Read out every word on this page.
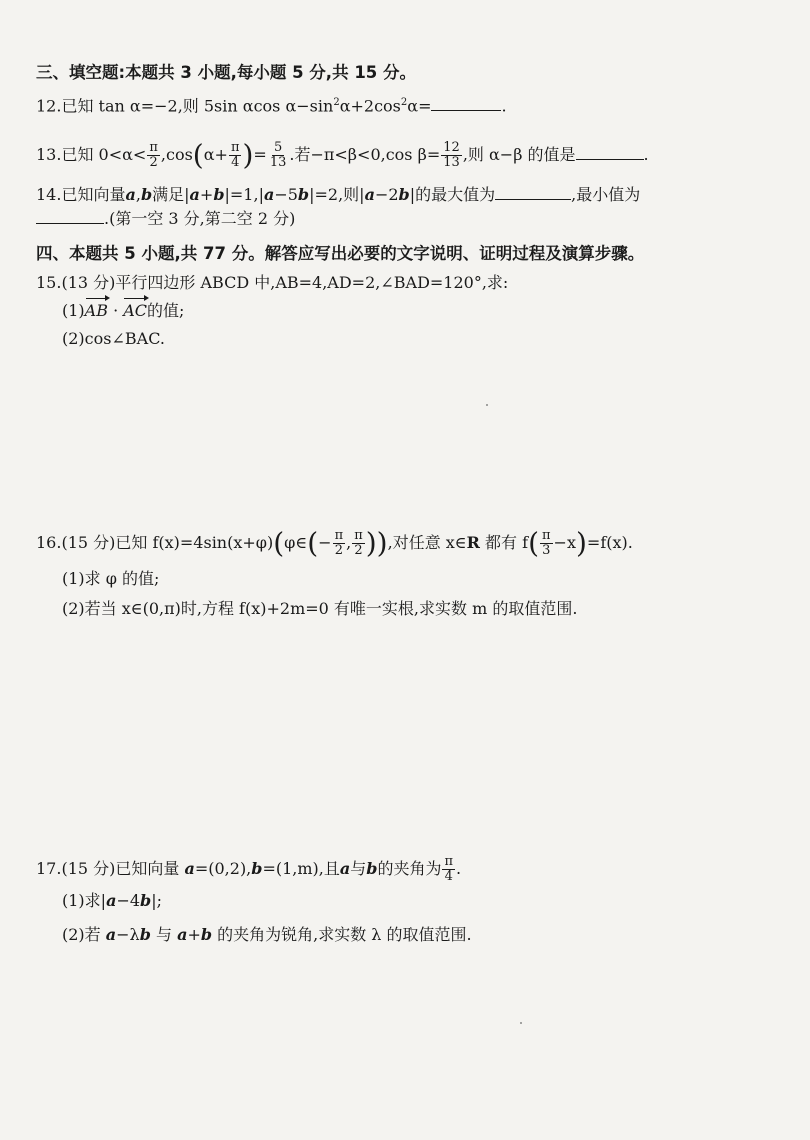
三、填空题:本题共 3 小题,每小题 5 分,共 15 分。
12.已知 tan α=−2,则 5sin αcos $\alpha-\sin^2\alpha+2\cos^2\alpha=$	.
13.已知 $0<\alpha< \frac{\pi}{2} ,\cos(\alpha+ \frac{\pi}{4}$ )= $\frac{5}{13}$ .若−π<β<0,cos $\beta= \frac{12}{13}$ ,则 α−β 的值是	.
14.已知向量a,b满足|a+b|=1,|a−5b|=2,则|a−2b|的最大值为	,最小值为
.(第一空 3 分,第二空 2 分)
四、本题共 5 小题,共 77 分。解答应写出必要的文字说明、证明过程及演算步骤。
15.(13 分)平行四边形 ABCD 中,AB=4,AD=2,∠BAD=120°,求:
(1)AB · AC的值;
(2)cos∠BAC.
16.(15 分)已知 f(x)=4sin(x+φ)(φ∈(− $\frac{\pi}{2}$ , $\frac{\pi}{2}$ )),对任意 x∈R 都有 $f( \frac{\pi}{3} -x)=f(x)$.
(1)求 φ 的值;
(2)若当 x∈(0,π)时,方程 f(x)+2m=0 有唯一实根,求实数 m 的取值范围.
17.(15 分)已知向量 a=(0,2),b=(1,m),且a与b的夹角为 $\frac{\pi}{4}$ .
(1)求|a−4b|;
(2)若 a−λb 与 a+b 的夹角为锐角,求实数 λ 的取值范围.
